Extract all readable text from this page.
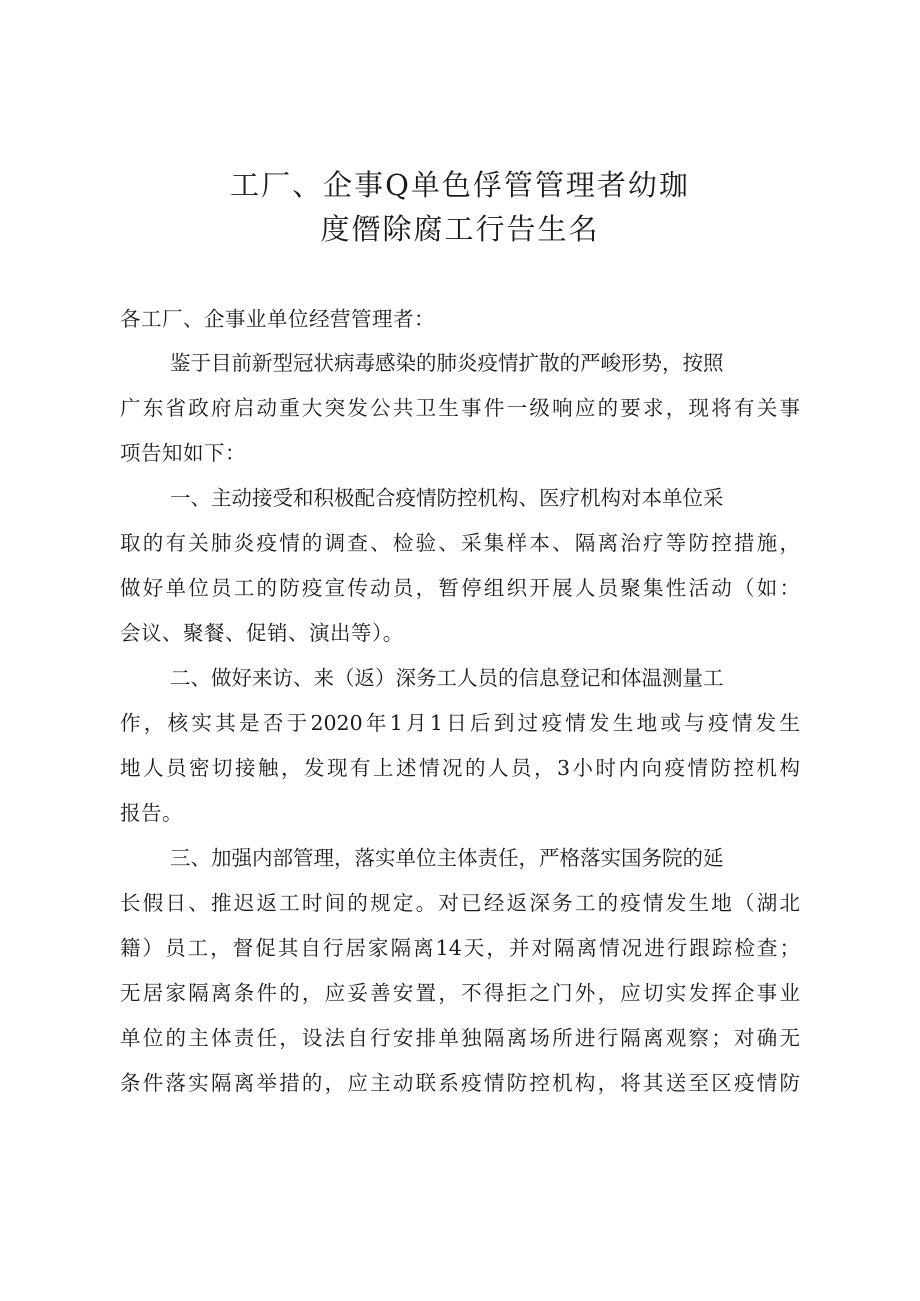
工厂、企事Q单色俘管管理者幼珈
度僭除腐工行告生名
各工厂、企事业单位经营管理者：
鉴于目前新型冠状病毒感染的肺炎疫情扩散的严峻形势，按照
广东省政府启动重大突发公共卫生事件一级响应的要求，现将有关事
项告知如下：
一、主动接受和积极配合疫情防控机构、医疗机构对本单位采
取的有关肺炎疫情的调查、检验、采集样本、隔离治疗等防控措施，
做好单位员工的防疫宣传动员，暂停组织开展人员聚集性活动（如：
会议、聚餐、促销、演出等）。
二、做好来访、来（返）深务工人员的信息登记和体温测量工
作，核实其是否于2020年1月1日后到过疫情发生地或与疫情发生
地人员密切接触，发现有上述情况的人员，3小时内向疫情防控机构
报告。
三、加强内部管理，落实单位主体责任，严格落实国务院的延
长假日、推迟返工时间的规定。对已经返深务工的疫情发生地（湖北
籍）员工，督促其自行居家隔离14天，并对隔离情况进行跟踪检查；
无居家隔离条件的，应妥善安置，不得拒之门外，应切实发挥企事业
单位的主体责任，设法自行安排单独隔离场所进行隔离观察；对确无
条件落实隔离举措的，应主动联系疫情防控机构，将其送至区疫情防
